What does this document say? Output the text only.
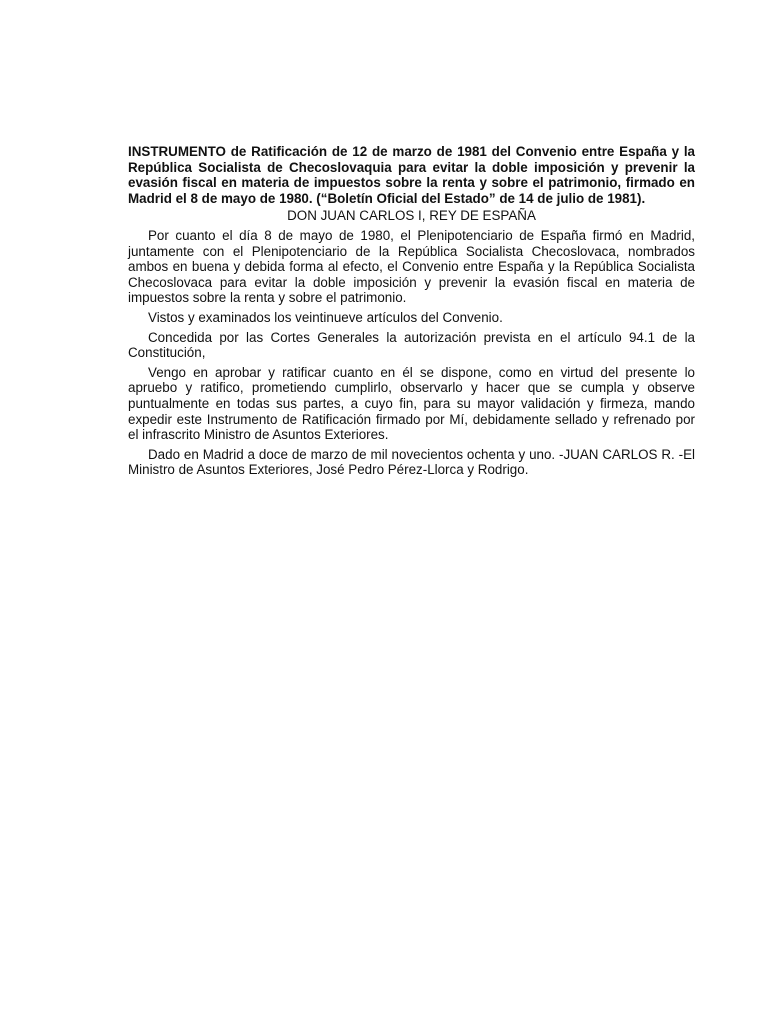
INSTRUMENTO de Ratificación de 12 de marzo de 1981 del Convenio entre España y la República Socialista de Checoslovaquia para evitar la doble imposición y prevenir la evasión fiscal en materia de impuestos sobre la renta y sobre el patrimonio, firmado en Madrid el 8 de mayo de 1980. (“Boletín Oficial del Estado” de 14 de julio de 1981).

DON JUAN CARLOS I, REY DE ESPAÑA

Por cuanto el día 8 de mayo de 1980, el Plenipotenciario de España firmó en Madrid, juntamente con el Plenipotenciario de la República Socialista Checoslovaca, nombrados ambos en buena y debida forma al efecto, el Convenio entre España y la República Socialista Checoslovaca para evitar la doble imposición y prevenir la evasión fiscal en materia de impuestos sobre la renta y sobre el patrimonio.

Vistos y examinados los veintinueve artículos del Convenio.

Concedida por las Cortes Generales la autorización prevista en el artículo 94.1 de la Constitución,

Vengo en aprobar y ratificar cuanto en él se dispone, como en virtud del presente lo apruebo y ratifico, prometiendo cumplirlo, observarlo y hacer que se cumpla y observe puntualmente en todas sus partes, a cuyo fin, para su mayor validación y firmeza, mando expedir este Instrumento de Ratificación firmado por Mí, debidamente sellado y refrenado por el infrascrito Ministro de Asuntos Exteriores.

Dado en Madrid a doce de marzo de mil novecientos ochenta y uno. -JUAN CARLOS R. -El Ministro de Asuntos Exteriores, José Pedro Pérez-Llorca y Rodrigo.
